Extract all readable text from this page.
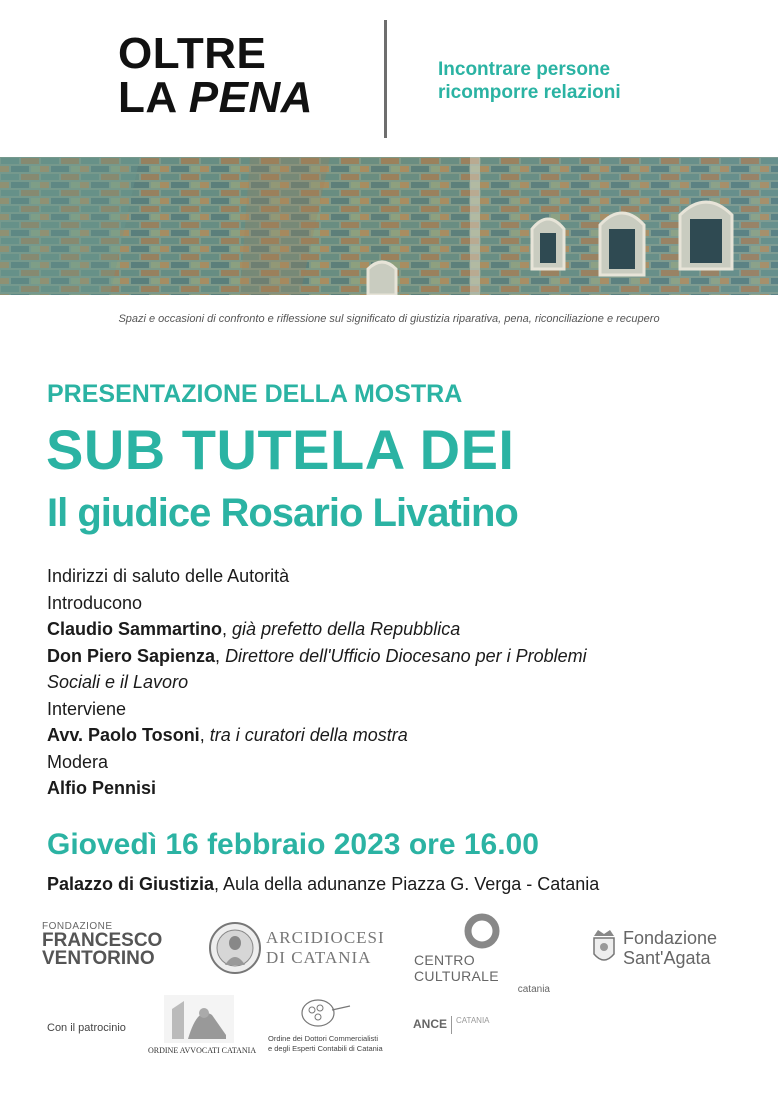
OLTRE
LA PENA
Incontrare persone
ricomporre relazioni
Spazi e occasioni di confronto e riflessione sul significato di giustizia riparativa, pena, riconciliazione e recupero
PRESENTAZIONE DELLA MOSTRA
SUB TUTELA DEI
Il giudice Rosario Livatino
Indirizzi di saluto delle Autorità
Introducono
Claudio Sammartino, già prefetto della Repubblica
Don Piero Sapienza, Direttore dell'Ufficio Diocesano per i Problemi
Sociali e il Lavoro
Interviene
Avv. Paolo Tosoni, tra i curatori della mostra
Modera
Alfio Pennisi
Giovedì 16 febbraio 2023 ore 16.00
Palazzo di Giustizia, Aula della adunanze Piazza G. Verga - Catania
FONDAZIONE
FRANCESCO
VENTORINO
ARCIDIOCESI
DI CATANIA	CENTRO CULTURALE
catania
Fondazione
Sant'Agata
Con il patrocinio
ORDINE AVVOCATI CATANIA
Ordine dei Dottori Commercialisti
e degli Esperti Contabili di Catania
ANCE $^{CATANIA}$
